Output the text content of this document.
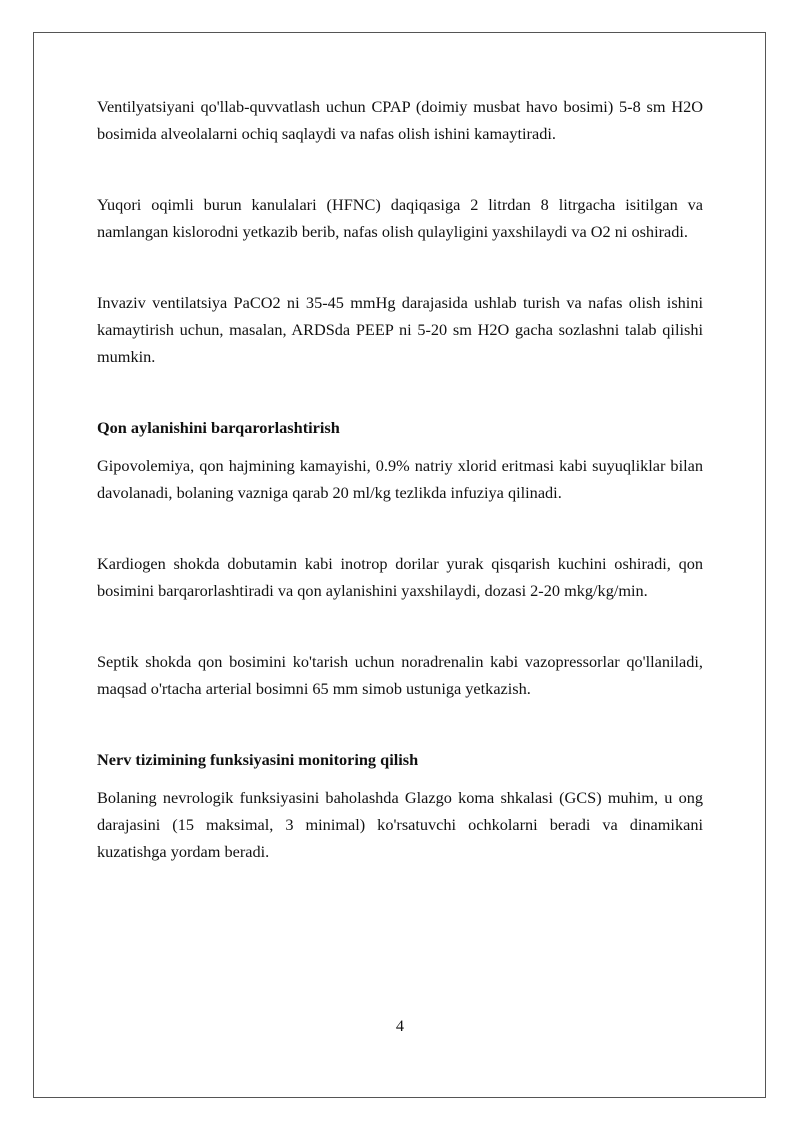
Ventilyatsiyani qo'llab-quvvatlash uchun CPAP (doimiy musbat havo bosimi) 5-8 sm H2O bosimida alveolalarni ochiq saqlaydi va nafas olish ishini kamaytiradi.

Yuqori oqimli burun kanulalari (HFNC) daqiqasiga 2 litrdan 8 litrgacha isitilgan va namlangan kislorodni yetkazib berib, nafas olish qulayligini yaxshilaydi va O2 ni oshiradi.

Invaziv ventilatsiya PaCO2 ni 35-45 mmHg darajasida ushlab turish va nafas olish ishini kamaytirish uchun, masalan, ARDSda PEEP ni 5-20 sm H2O gacha sozlashni talab qilishi mumkin.

Qon aylanishini barqarorlashtirish

Gipovolemiya, qon hajmining kamayishi, 0.9% natriy xlorid eritmasi kabi suyuqliklar bilan davolanadi, bolaning vazniga qarab 20 ml/kg tezlikda infuziya qilinadi.

Kardiogen shokda dobutamin kabi inotrop dorilar yurak qisqarish kuchini oshiradi, qon bosimini barqarorlashtiradi va qon aylanishini yaxshilaydi, dozasi 2-20 mkg/kg/min.

Septik shokda qon bosimini ko'tarish uchun noradrenalin kabi vazopressorlar qo'llaniladi, maqsad o'rtacha arterial bosimni 65 mm simob ustuniga yetkazish.

Nerv tizimining funksiyasini monitoring qilish

Bolaning nevrologik funksiyasini baholashda Glazgo koma shkalasi (GCS) muhim, u ong darajasini (15 maksimal, 3 minimal) ko'rsatuvchi ochkolarni beradi va dinamikani kuzatishga yordam beradi.

4
